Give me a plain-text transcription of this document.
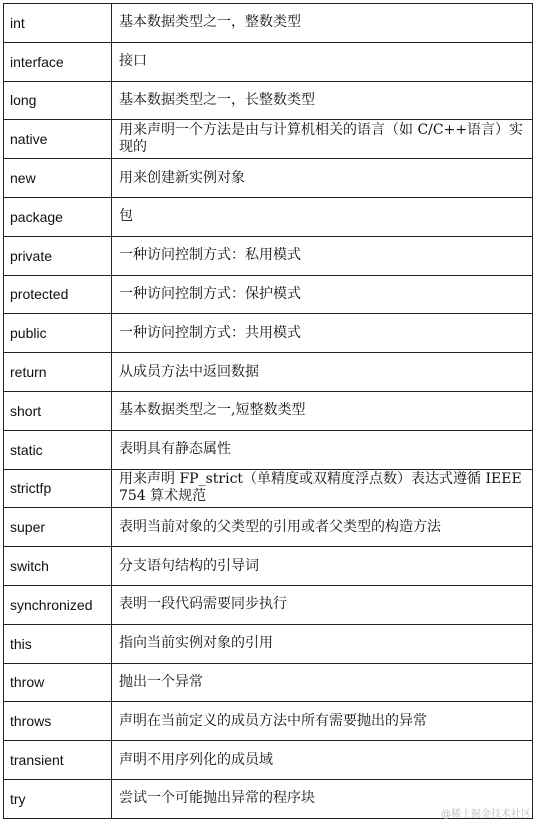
int	基本数据类型之一，整数类型
interface	接口
long	基本数据类型之一，长整数类型
native	用来声明一个方法是由与计算机相关的语言（如 C/C++语言）实现的
new	用来创建新实例对象
package	包
private	一种访问控制方式：私用模式
protected	一种访问控制方式：保护模式
public	一种访问控制方式：共用模式
return	从成员方法中返回数据
short	基本数据类型之一,短整数类型
static	表明具有静态属性
strictfp	用来声明 FP_strict（单精度或双精度浮点数）表达式遵循 IEEE 754 算术规范
super	表明当前对象的父类型的引用或者父类型的构造方法
switch	分支语句结构的引导词
synchronized	表明一段代码需要同步执行
this	指向当前实例对象的引用
throw	抛出一个异常
throws	声明在当前定义的成员方法中所有需要抛出的异常
transient	声明不用序列化的成员域
try	尝试一个可能抛出异常的程序块
@稀土掘金技术社区
